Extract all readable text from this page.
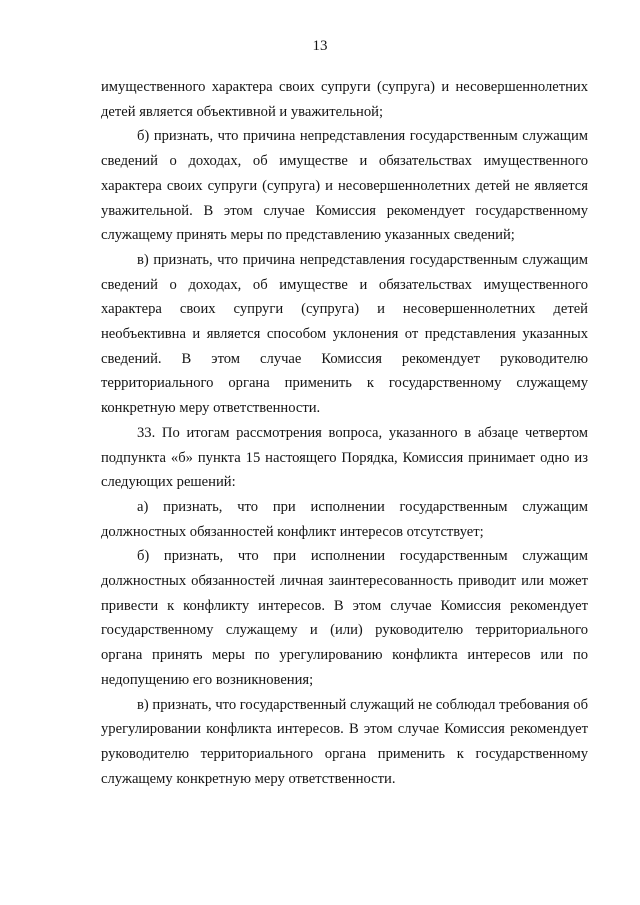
13

имущественного характера своих супруги (супруга) и несовершеннолетних детей является объективной и уважительной;

б) признать, что причина непредставления государственным служащим сведений о доходах, об имуществе и обязательствах имущественного характера своих супруги (супруга) и несовершеннолетних детей не является уважительной. В этом случае Комиссия рекомендует государственному служащему принять меры по представлению указанных сведений;

в) признать, что причина непредставления государственным служащим сведений о доходах, об имуществе и обязательствах имущественного характера своих супруги (супруга) и несовершеннолетних детей необъективна и является способом уклонения от представления указанных сведений. В этом случае Комиссия рекомендует руководителю территориального органа применить к государственному служащему конкретную меру ответственности.

33. По итогам рассмотрения вопроса, указанного в абзаце четвертом подпункта «б» пункта 15 настоящего Порядка, Комиссия принимает одно из следующих решений:

а) признать, что при исполнении государственным служащим должностных обязанностей конфликт интересов отсутствует;

б) признать, что при исполнении государственным служащим должностных обязанностей личная заинтересованность приводит или может привести к конфликту интересов. В этом случае Комиссия рекомендует государственному служащему и (или) руководителю территориального органа принять меры по урегулированию конфликта интересов или по недопущению его возникновения;

в) признать, что государственный служащий не соблюдал требования об урегулировании конфликта интересов. В этом случае Комиссия рекомендует руководителю территориального органа применить к государственному служащему конкретную меру ответственности.
